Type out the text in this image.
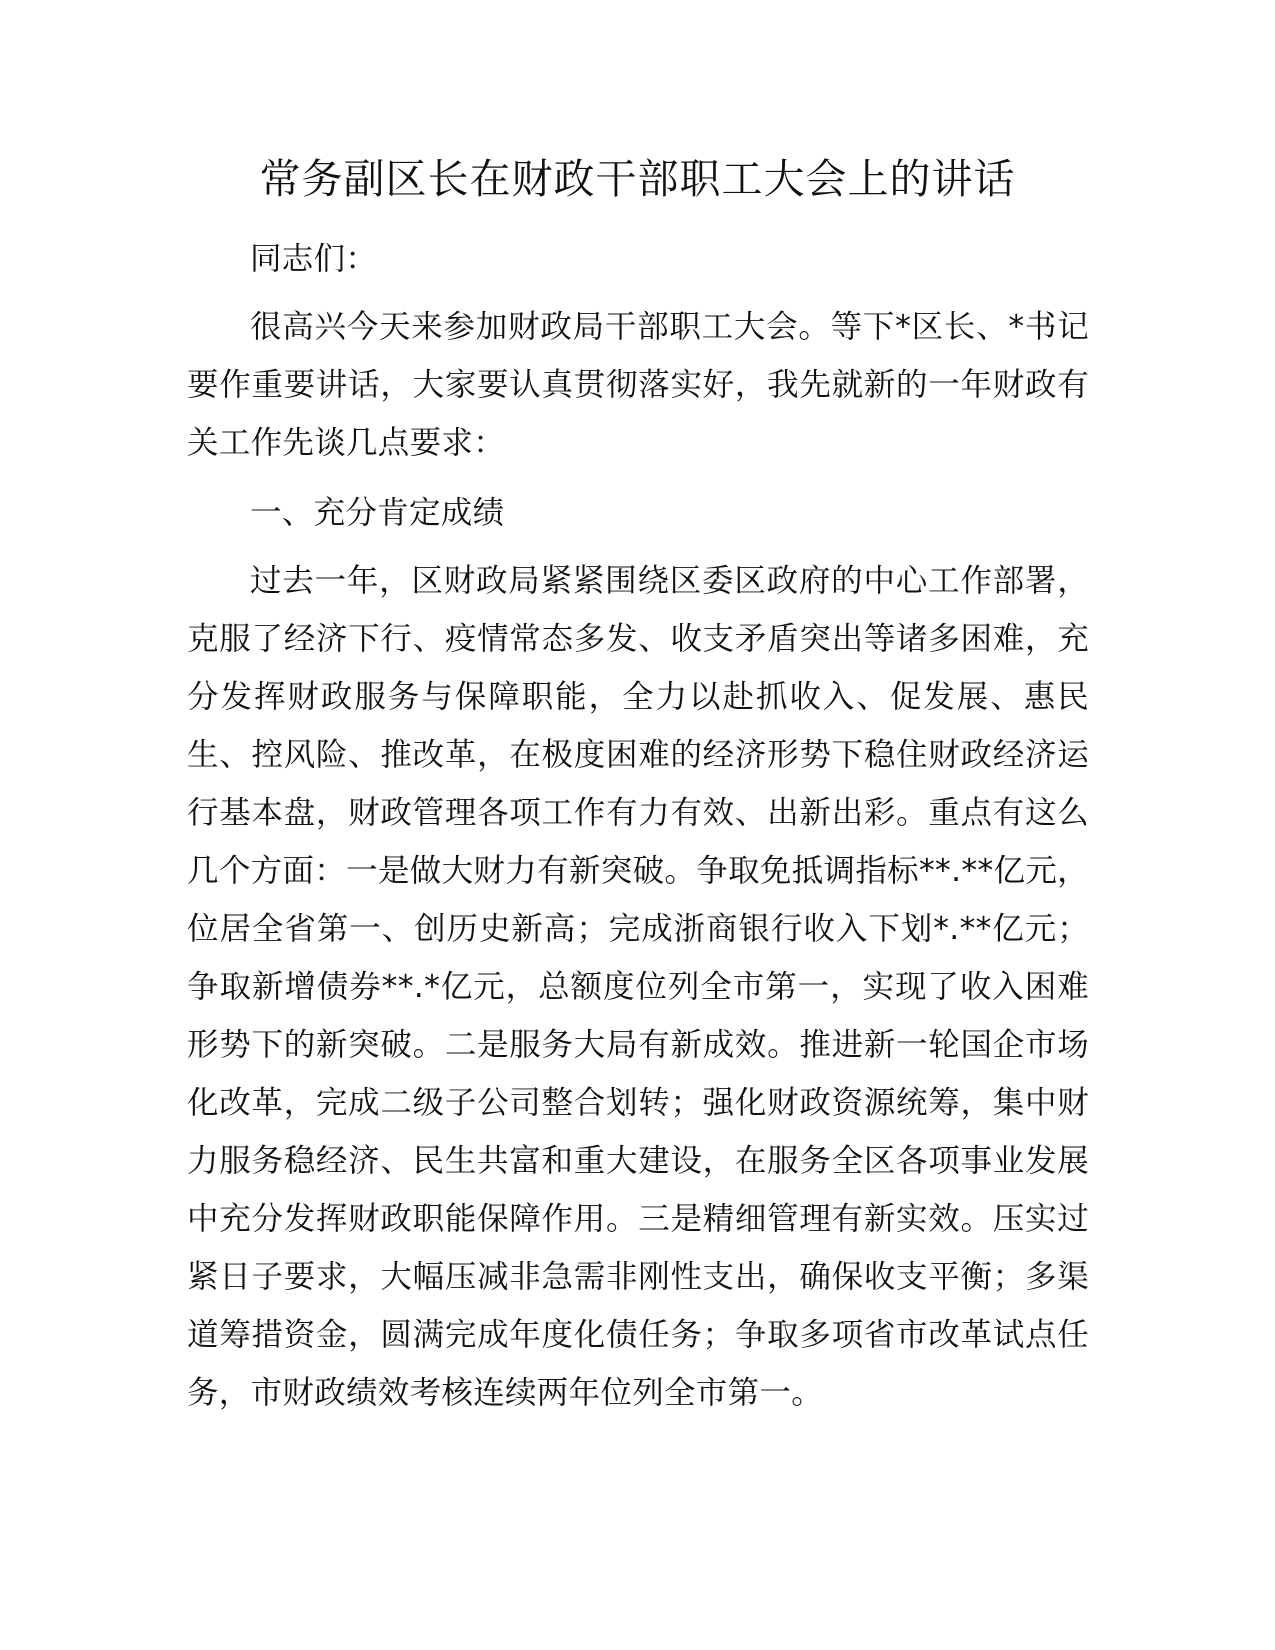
常务副区长在财政干部职工大会上的讲话

同志们：

很高兴今天来参加财政局干部职工大会。等下*区长、*书记要作重要讲话，大家要认真贯彻落实好，我先就新的一年财政有关工作先谈几点要求：

一、充分肯定成绩

过去一年，区财政局紧紧围绕区委区政府的中心工作部署，克服了经济下行、疫情常态多发、收支矛盾突出等诸多困难，充分发挥财政服务与保障职能，全力以赴抓收入、促发展、惠民生、控风险、推改革，在极度困难的经济形势下稳住财政经济运行基本盘，财政管理各项工作有力有效、出新出彩。重点有这么几个方面：一是做大财力有新突破。争取免抵调指标**.**亿元，位居全省第一、创历史新高；完成浙商银行收入下划*.**亿元；争取新增债券**.*亿元，总额度位列全市第一，实现了收入困难形势下的新突破。二是服务大局有新成效。推进新一轮国企市场化改革，完成二级子公司整合划转；强化财政资源统筹，集中财力服务稳经济、民生共富和重大建设，在服务全区各项事业发展中充分发挥财政职能保障作用。三是精细管理有新实效。压实过紧日子要求，大幅压减非急需非刚性支出，确保收支平衡；多渠道筹措资金，圆满完成年度化债任务；争取多项省市改革试点任务，市财政绩效考核连续两年位列全市第一。
